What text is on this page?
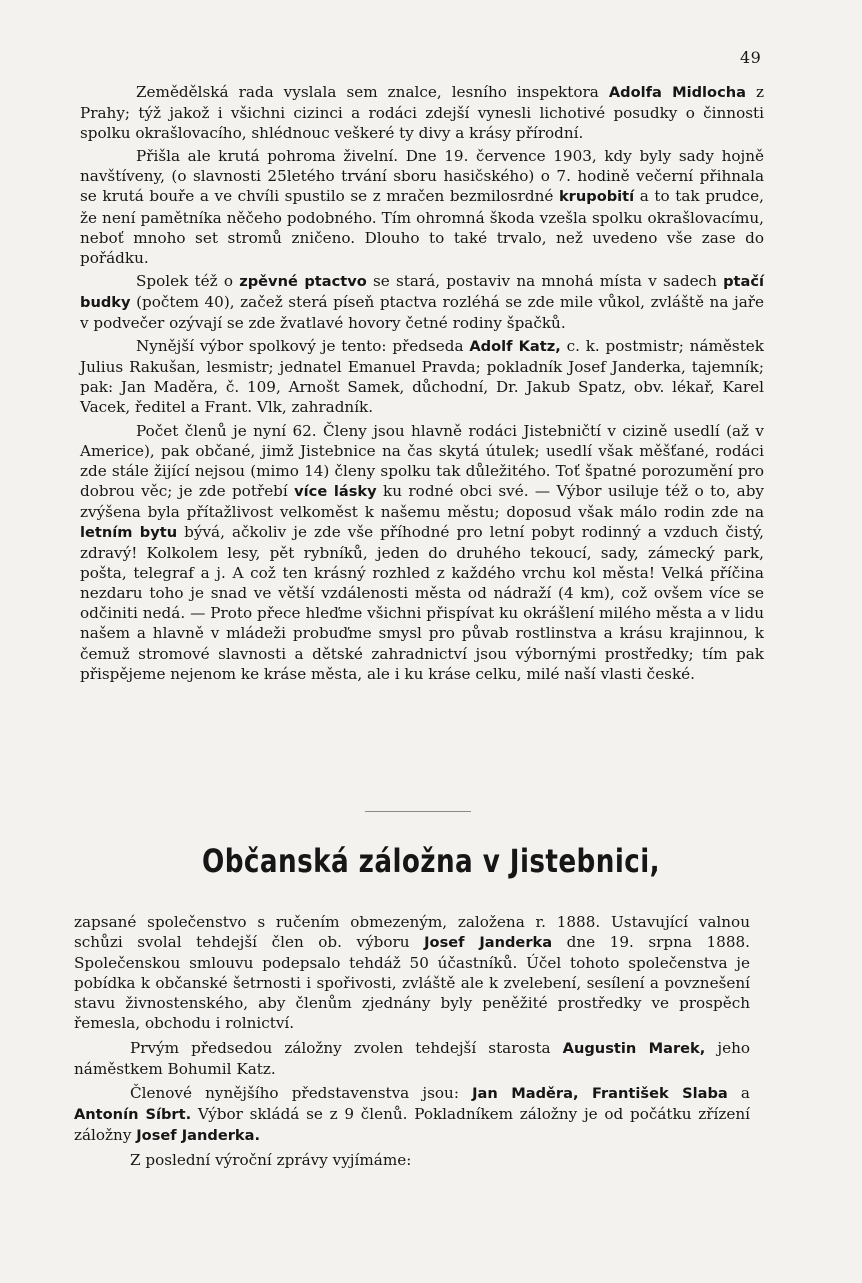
49

Zemědělská rada vyslala sem znalce, lesního inspektora Adolfa Midlocha z Prahy; týž jakož i všichni cizinci a rodáci zdejší vynesli lichotivé posudky o činnosti spolku okrašlovacího, shlédnouc veškeré ty divy a krásy přírodní.

Přišla ale krutá pohroma živelní. Dne 19. července 1903, kdy byly sady hojně navštíveny, (o slavnosti 25letého trvání sboru hasičského) o 7. hodině večerní přihnala se krutá bouře a ve chvíli spustilo se z mračen bezmilosrdné krupobití a to tak prudce, že není pamětníka něčeho podobného. Tím ohromná škoda vzešla spolku okrašlovacímu, neboť mnoho set stromů zničeno. Dlouho to také trvalo, než uvedeno vše zase do pořádku.

Spolek též o zpěvné ptactvo se stará, postaviv na mnohá místa v sadech ptačí budky (počtem 40), začež sterá píseň ptactva rozléhá se zde mile vůkol, zvláště na jaře v podvečer ozývají se zde žvatlavé hovory četné rodiny špačků.

Nynější výbor spolkový je tento: předseda Adolf Katz, c. k. postmistr; náměstek Julius Rakušan, lesmistr; jednatel Emanuel Pravda; pokladník Josef Janderka, tajemník; pak: Jan Maděra, č. 109, Arnošt Samek, důchodní, Dr. Jakub Spatz, obv. lékař, Karel Vacek, ředitel a Frant. Vlk, zahradník.

Počet členů je nyní 62. Členy jsou hlavně rodáci Jistebničtí v cizině usedlí (až v Americe), pak občané, jimž Jistebnice na čas skytá útulek; usedlí však měšťané, rodáci zde stále žijící nejsou (mimo 14) členy spolku tak důležitého. Toť špatné porozumění pro dobrou věc; je zde potřebí více lásky ku rodné obci své. — Výbor usiluje též o to, aby zvýšena byla přítažlivost velkoměst k našemu městu; doposud však málo rodin zde na letním bytu bývá, ačkoliv je zde vše příhodné pro letní pobyt rodinný a vzduch čistý, zdravý! Kolkolem lesy, pět rybníků, jeden do druhého tekoucí, sady, zámecký park, pošta, telegraf a j. A což ten krásný rozhled z každého vrchu kol města! Velká příčina nezdaru toho je snad ve větší vzdálenosti města od nádraží (4 km), což ovšem více se odčiniti nedá. — Proto přece hleďme všichni přispívat ku okrášlení milého města a v lidu našem a hlavně v mládeži probuďme smysl pro půvab rostlinstva a krásu krajinnou, k čemuž stromové slavnosti a dětské zahradnictví jsou výbornými prostředky; tím pak přispějeme nejenom ke kráse města, ale i ku kráse celku, milé naší vlasti české.

Občanská záložna v Jistebnici,

zapsané společenstvo s ručením obmezeným, založena r. 1888. Ustavující valnou schůzi svolal tehdejší člen ob. výboru Josef Janderka dne 19. srpna 1888. Společenskou smlouvu podepsalo tehdáž 50 účastníků. Účel tohoto společenstva je pobídka k občanské šetrnosti i spořivosti, zvláště ale k zvelebení, sesílení a povznešení stavu živnostenského, aby členům zjednány byly peněžité prostředky ve prospěch řemesla, obchodu i rolnictví.

Prvým předsedou záložny zvolen tehdejší starosta Augustin Marek, jeho náměstkem Bohumil Katz.

Členové nynějšího představenstva jsou: Jan Maděra, František Slaba a Antonín Síbrt. Výbor skládá se z 9 členů. Pokladníkem záložny je od počátku zřízení záložny Josef Janderka.

Z poslední výroční zprávy vyjímáme:
